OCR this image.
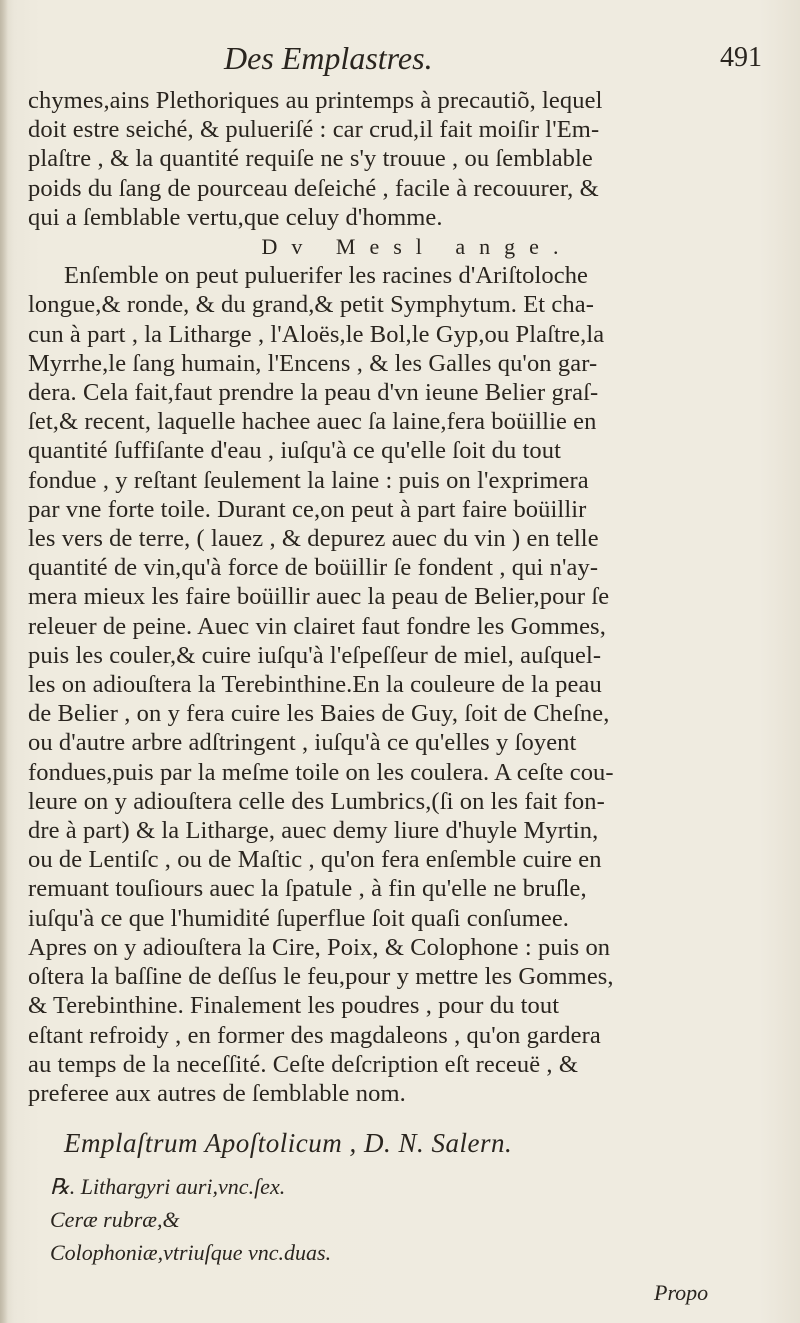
Des Emplastres.	491
chymes,ains Plethoriques au printemps à precautiõ, lequel
doit estre seiché, & pulueriſé : car crud,il fait moiſir l'Em-
plaſtre , & la quantité requiſe ne s'y trouue , ou ſemblable
poids du ſang de pourceau deſeiché , facile à recouurer, &
qui a ſemblable vertu,que celuy d'homme.
Dv Mesl ange.
Enſemble on peut puluerifer les racines d'Ariſtoloche
longue,& ronde, & du grand,& petit Symphytum. Et cha-
cun à part , la Litharge , l'Aloës,le Bol,le Gyp,ou Plaſtre,la
Myrrhe,le ſang humain, l'Encens , & les Galles qu'on gar-
dera. Cela fait,faut prendre la peau d'vn ieune Belier graſ-
ſet,& recent, laquelle hachee auec ſa laine,fera boüillie en
quantité ſuffiſante d'eau , iuſqu'à ce qu'elle ſoit du tout
fondue , y reſtant ſeulement la laine : puis on l'exprimera
par vne forte toile. Durant ce,on peut à part faire boüillir
les vers de terre, ( lauez , & depurez auec du vin ) en telle
quantité de vin,qu'à force de boüillir ſe fondent , qui n'ay-
mera mieux les faire boüillir auec la peau de Belier,pour ſe
releuer de peine. Auec vin clairet faut fondre les Gommes,
puis les couler,& cuire iuſqu'à l'eſpeſſeur de miel, auſquel-
les on adiouſtera la Terebinthine.En la couleure de la peau
de Belier , on y fera cuire les Baies de Guy, ſoit de Cheſne,
ou d'autre arbre adſtringent , iuſqu'à ce qu'elles y ſoyent
fondues,puis par la meſme toile on les coulera. A ceſte cou-
leure on y adiouſtera celle des Lumbrics,(ſi on les fait fon-
dre à part) & la Litharge, auec demy liure d'huyle Myrtin,
ou de Lentiſc , ou de Maſtic , qu'on fera enſemble cuire en
remuant touſiours auec la ſpatule , à fin qu'elle ne bruſle,
iuſqu'à ce que l'humidité ſuperflue ſoit quaſi conſumee.
Apres on y adiouſtera la Cire, Poix, & Colophone : puis on
oſtera la baſſine de deſſus le feu,pour y mettre les Gommes,
& Terebinthine. Finalement les poudres , pour du tout
eſtant refroidy , en former des magdaleons , qu'on gardera
au temps de la neceſſité. Ceſte deſcription eſt receuë , &
preferee aux autres de ſemblable nom.
Emplaſtrum Apoſtolicum , D. N. Salern.
℞. Lithargyri auri,vnc.ſex.
Ceræ rubræ,&
Colophoniæ,vtriuſque vnc.duas.
Propo
